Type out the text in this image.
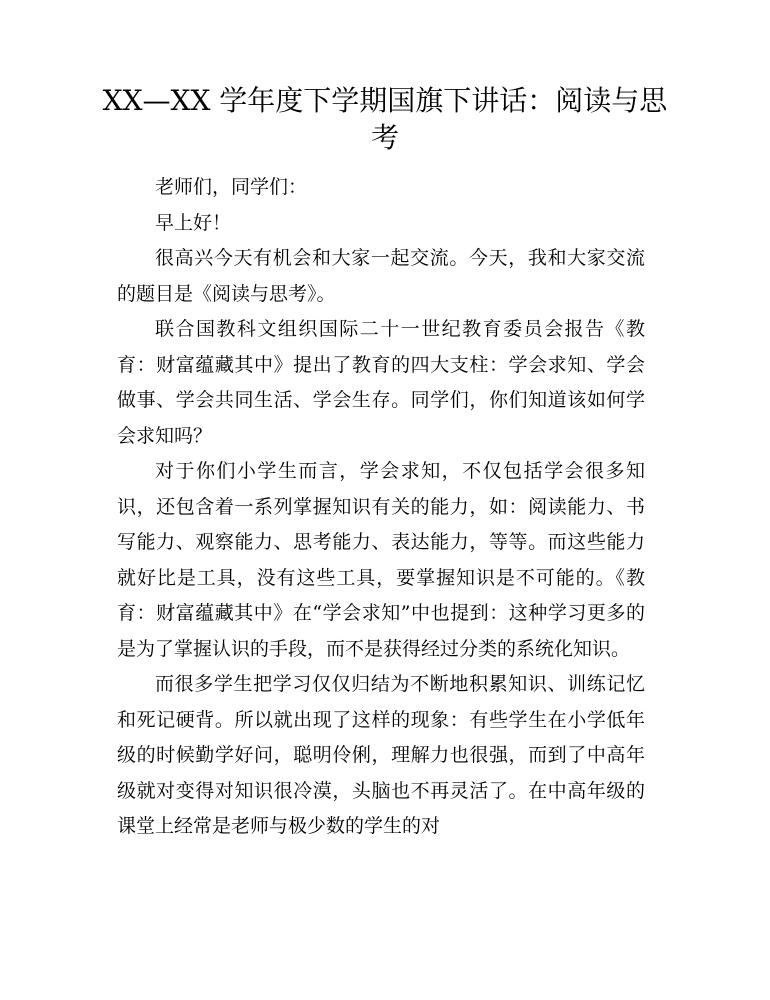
XX—XX 学年度下学期国旗下讲话：阅读与思考

老师们，同学们：

早上好！

很高兴今天有机会和大家一起交流。今天，我和大家交流的题目是《阅读与思考》。

联合国教科文组织国际二十一世纪教育委员会报告《教育：财富蕴藏其中》提出了教育的四大支柱：学会求知、学会做事、学会共同生活、学会生存。同学们，你们知道该如何学会求知吗？

对于你们小学生而言，学会求知，不仅包括学会很多知识，还包含着一系列掌握知识有关的能力，如：阅读能力、书写能力、观察能力、思考能力、表达能力，等等。而这些能力就好比是工具，没有这些工具，要掌握知识是不可能的。《教育：财富蕴藏其中》在“学会求知”中也提到：这种学习更多的是为了掌握认识的手段，而不是获得经过分类的系统化知识。

而很多学生把学习仅仅归结为不断地积累知识、训练记忆和死记硬背。所以就出现了这样的现象：有些学生在小学低年级的时候勤学好问，聪明伶俐，理解力也很强，而到了中高年级就对变得对知识很冷漠，头脑也不再灵活了。在中高年级的课堂上经常是老师与极少数的学生的对
